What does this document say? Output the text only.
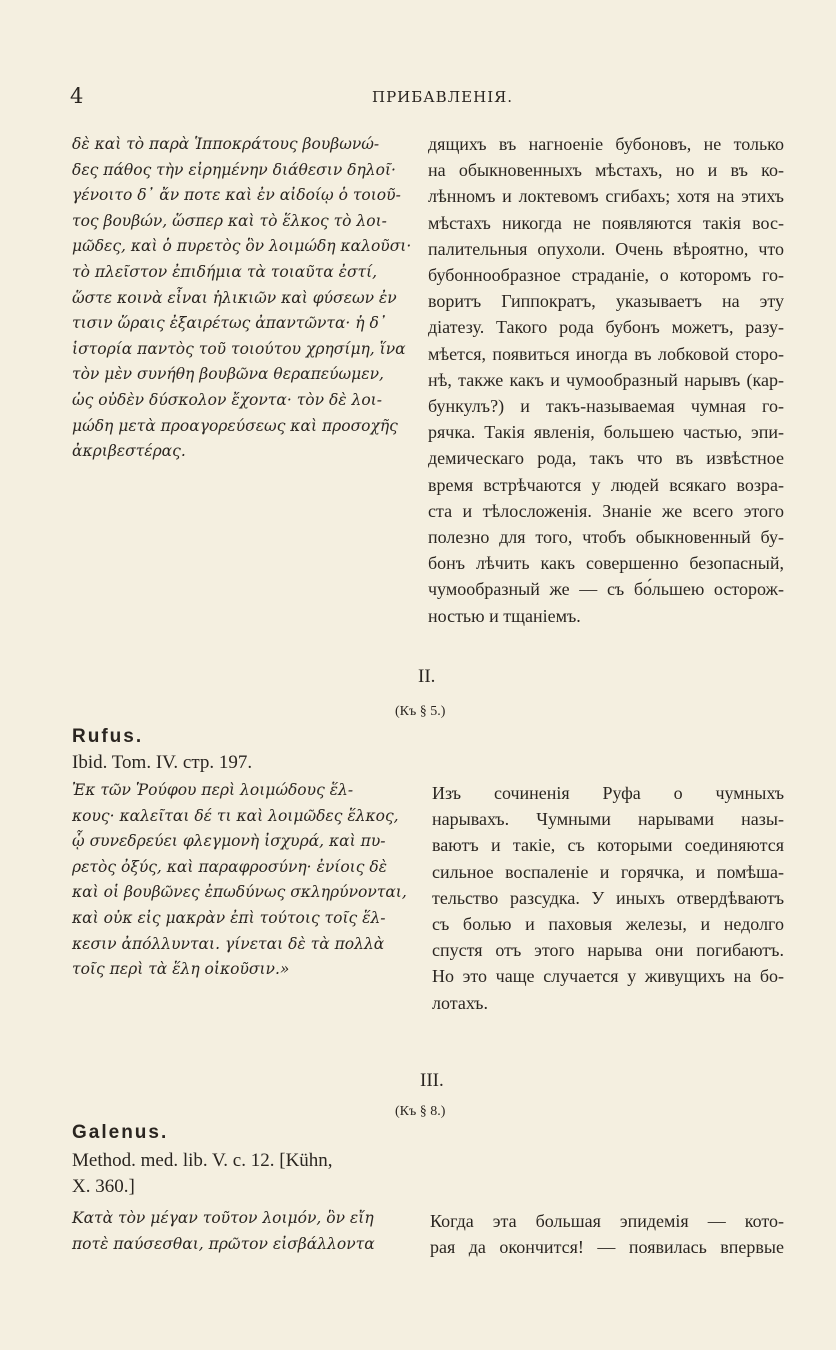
4	ПРИБАВЛЕНІЯ.
δὲ καὶ τὸ παρὰ Ἱπποκράτους βουβωνώ-
δες πάθος τὴν εἰρημένην διάθεσιν δηλοῖ·
γένοιτο δ᾽ ἄν ποτε καὶ ἐν αἰδοίῳ ὁ τοιοῦ-
τος βουβών, ὥσπερ καὶ τὸ ἕλκος τὸ λοι-
μῶδες, καὶ ὁ πυρετὸς ὃν λοιμώδη καλοῦσι·
τὸ πλεῖστον ἐπιδήμια τὰ τοιαῦτα ἐστί,
ὥστε κοινὰ εἶναι ἡλικιῶν καὶ φύσεων ἐν
τισιν ὥραις ἐξαιρέτως ἀπαντῶντα· ἡ δ᾽
ἱστορία παντὸς τοῦ τοιούτου χρησίμη, ἵνα
τὸν μὲν συνήθη βουβῶνα θεραπεύωμεν,
ὡς οὐδὲν δύσκολον ἔχοντα· τὸν δὲ λοι-
μώδη μετὰ προαγορεύσεως καὶ προσοχῆς
ἀκριβεστέρας.
дящихъ въ нагноеніе бубоновъ, не только
на обыкновенныхъ мѣстахъ, но и въ ко-
лѣнномъ и локтевомъ сгибахъ; хотя на этихъ
мѣстахъ никогда не появляются такія вос-
палительныя опухоли. Очень вѣроятно, что
бубоннообразное страданіе, о которомъ го-
воритъ Гиппократъ, указываетъ на эту
діатезу. Такого рода бубонъ можетъ, разу-
мѣется, появиться иногда въ лобковой сторо-
нѣ, также какъ и чумообразный нарывъ (кар-
бункулъ?) и такъ-называемая чумная го-
рячка. Такія явленія, большею частью, эпи-
демическаго рода, такъ что въ извѣстное
время встрѣчаются у людей всякаго возра-
ста и тѣлосложенія. Знаніе же всего этого
полезно для того, чтобъ обыкновенный бу-
бонъ лѣчить какъ совершенно безопасный,
чумообразный же — съ бо́льшею осторож-
ностью и тщаніемъ.
II.
(Къ § 5.)
Rufus.
Ibid. Tom. IV. стр. 197.
Ἐκ τῶν Ῥούφου περὶ λοιμώδους ἕλ-
κους· καλεῖται δέ τι καὶ λοιμῶδες ἕλκος,
ᾧ συνεδρεύει φλεγμονὴ ἰσχυρά, καὶ πυ-
ρετὸς ὀξύς, καὶ παραφροσύνη· ἐνίοις δὲ
καὶ οἱ βουβῶνες ἐπωδύνως σκληρύνονται,
καὶ οὐκ εἰς μακρὰν ἐπὶ τούτοις τοῖς ἕλ-
κεσιν ἀπόλλυνται. γίνεται δὲ τὰ πολλὰ
τοῖς περὶ τὰ ἕλη οἰκοῦσιν.»
Изъ сочиненія Руфа о чумныхъ
нарывахъ. Чумными нарывами назы-
ваютъ и такіе, съ которыми соединяются
сильное воспаленіе и горячка, и помѣша-
тельство разсудка. У иныхъ отвердѣваютъ
съ болью и паховыя железы, и недолго
спустя отъ этого нарыва они погибаютъ.
Но это чаще случается у живущихъ на бо-
лотахъ.
III.
(Къ § 8.)
Galenus.
Method. med. lib. V. c. 12. [Kühn,
X. 360.]
Κατὰ τὸν μέγαν τοῦτον λοιμόν, ὃν εἴη
ποτὲ παύσεσθαι, πρῶτον εἰσβάλλοντα
Когда эта большая эпидемія — кото-
рая да окончится! — появилась впервые
